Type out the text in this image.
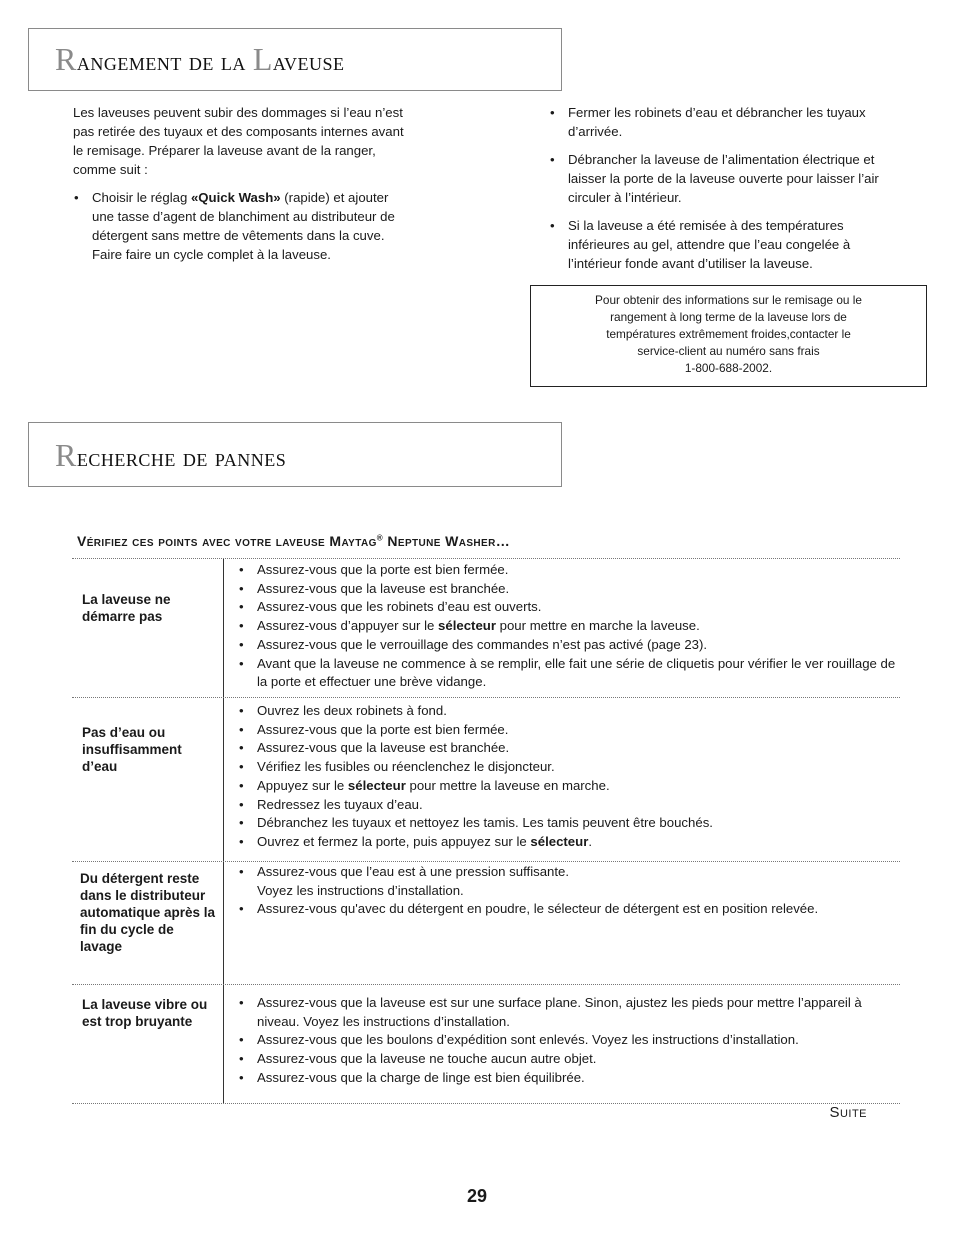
Rangement de la Laveuse

Les laveuses peuvent subir des dommages si l’eau n’est pas retirée des tuyaux et des composants internes avant le remisage. Préparer la laveuse avant de la ranger, comme suit :

• Choisir le réglag «Quick Wash» (rapide) et ajouter une tasse d’agent de blanchiment au distributeur de détergent sans mettre de vêtements dans la cuve. Faire faire un cycle complet à la laveuse.
• Fermer les robinets d’eau et débrancher les tuyaux d’arrivée.
• Débrancher la laveuse de l’alimentation électrique et laisser la porte de la laveuse ouverte pour laisser l’air circuler à l’intérieur.
• Si la laveuse a été remisée à des températures inférieures au gel, attendre que l’eau congelée à l’intérieur fonde avant d’utiliser la laveuse.
Pour obtenir des informations sur le remisage ou le
rangement à long terme de la laveuse lors de
températures extrêmement froides,contacter le
service-client au numéro sans frais
1-800-688-2002.
Recherche de pannes
Vérifiez ces points avec votre laveuse Maytag® Neptune Washer…
La laveuse ne démarre pas
• Assurez-vous que la porte est bien fermée.
• Assurez-vous que la laveuse est branchée.
• Assurez-vous que les robinets d’eau est ouverts.
• Assurez-vous d’appuyer sur le sélecteur pour mettre en marche la laveuse.
• Assurez-vous que le verrouillage des commandes n’est pas activé (page 23).
• Avant que la laveuse ne commence à se remplir, elle fait une série de cliquetis pour vérifier le ver rouillage de la porte et effectuer une brève vidange.
Pas d’eau ou insuffisamment d’eau
• Ouvrez les deux robinets à fond.
• Assurez-vous que la porte est bien fermée.
• Assurez-vous que la laveuse est branchée.
• Vérifiez les fusibles ou réenclenchez le disjoncteur.
• Appuyez sur le sélecteur pour mettre la laveuse en marche.
• Redressez les tuyaux d’eau.
• Débranchez les tuyaux et nettoyez les tamis. Les tamis peuvent être bouchés.
• Ouvrez et fermez la porte, puis appuyez sur le sélecteur.
Du détergent reste dans le distributeur automatique après la fin du cycle de lavage
• Assurez-vous que l’eau est à une pression suffisante.
Voyez les instructions d’installation.
• Assurez-vous qu'avec du détergent en poudre, le sélecteur de détergent est en position relevée.
La laveuse vibre ou est trop bruyante
• Assurez-vous que la laveuse est sur une surface plane. Sinon, ajustez les pieds pour mettre l’appareil à niveau. Voyez les instructions d’installation.
• Assurez-vous que les boulons d’expédition sont enlevés. Voyez les instructions d’installation.
• Assurez-vous que la laveuse ne touche aucun autre objet.
• Assurez-vous que la charge de linge est bien équilibrée.
Suite
29
